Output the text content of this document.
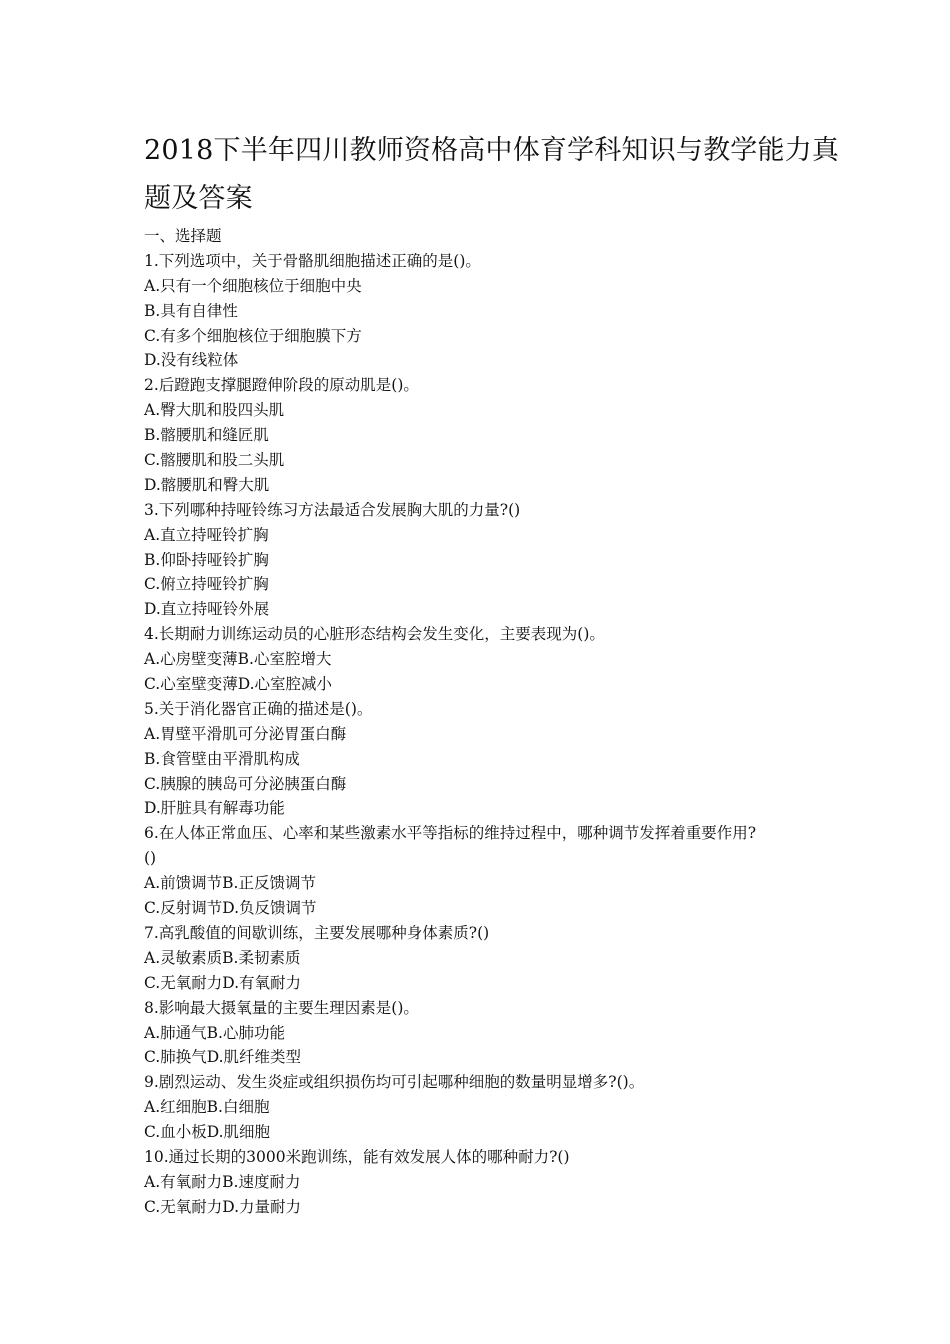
2018下半年四川教师资格高中体育学科知识与教学能力真
题及答案
一、选择题
1.下列选项中，关于骨骼肌细胞描述正确的是()。
A.只有一个细胞核位于细胞中央
B.具有自律性
C.有多个细胞核位于细胞膜下方
D.没有线粒体
2.后蹬跑支撑腿蹬伸阶段的原动肌是()。
A.臀大肌和股四头肌
B.髂腰肌和缝匠肌
C.髂腰肌和股二头肌
D.髂腰肌和臀大肌
3.下列哪种持哑铃练习方法最适合发展胸大肌的力量?()
A.直立持哑铃扩胸
B.仰卧持哑铃扩胸
C.俯立持哑铃扩胸
D.直立持哑铃外展
4.长期耐力训练运动员的心脏形态结构会发生变化，主要表现为()。
A.心房壁变薄B.心室腔增大
C.心室壁变薄D.心室腔减小
5.关于消化器官正确的描述是()。
A.胃壁平滑肌可分泌胃蛋白酶
B.食管壁由平滑肌构成
C.胰腺的胰岛可分泌胰蛋白酶
D.肝脏具有解毒功能
6.在人体正常血压、心率和某些激素水平等指标的维持过程中，哪种调节发挥着重要作用?
()
A.前馈调节B.正反馈调节
C.反射调节D.负反馈调节
7.高乳酸值的间歇训练，主要发展哪种身体素质?()
A.灵敏素质B.柔韧素质
C.无氧耐力D.有氧耐力
8.影响最大摄氧量的主要生理因素是()。
A.肺通气B.心肺功能
C.肺换气D.肌纤维类型
9.剧烈运动、发生炎症或组织损伤均可引起哪种细胞的数量明显增多?()。
A.红细胞B.白细胞
C.血小板D.肌细胞
10.通过长期的3000米跑训练，能有效发展人体的哪种耐力?()
A.有氧耐力B.速度耐力
C.无氧耐力D.力量耐力
